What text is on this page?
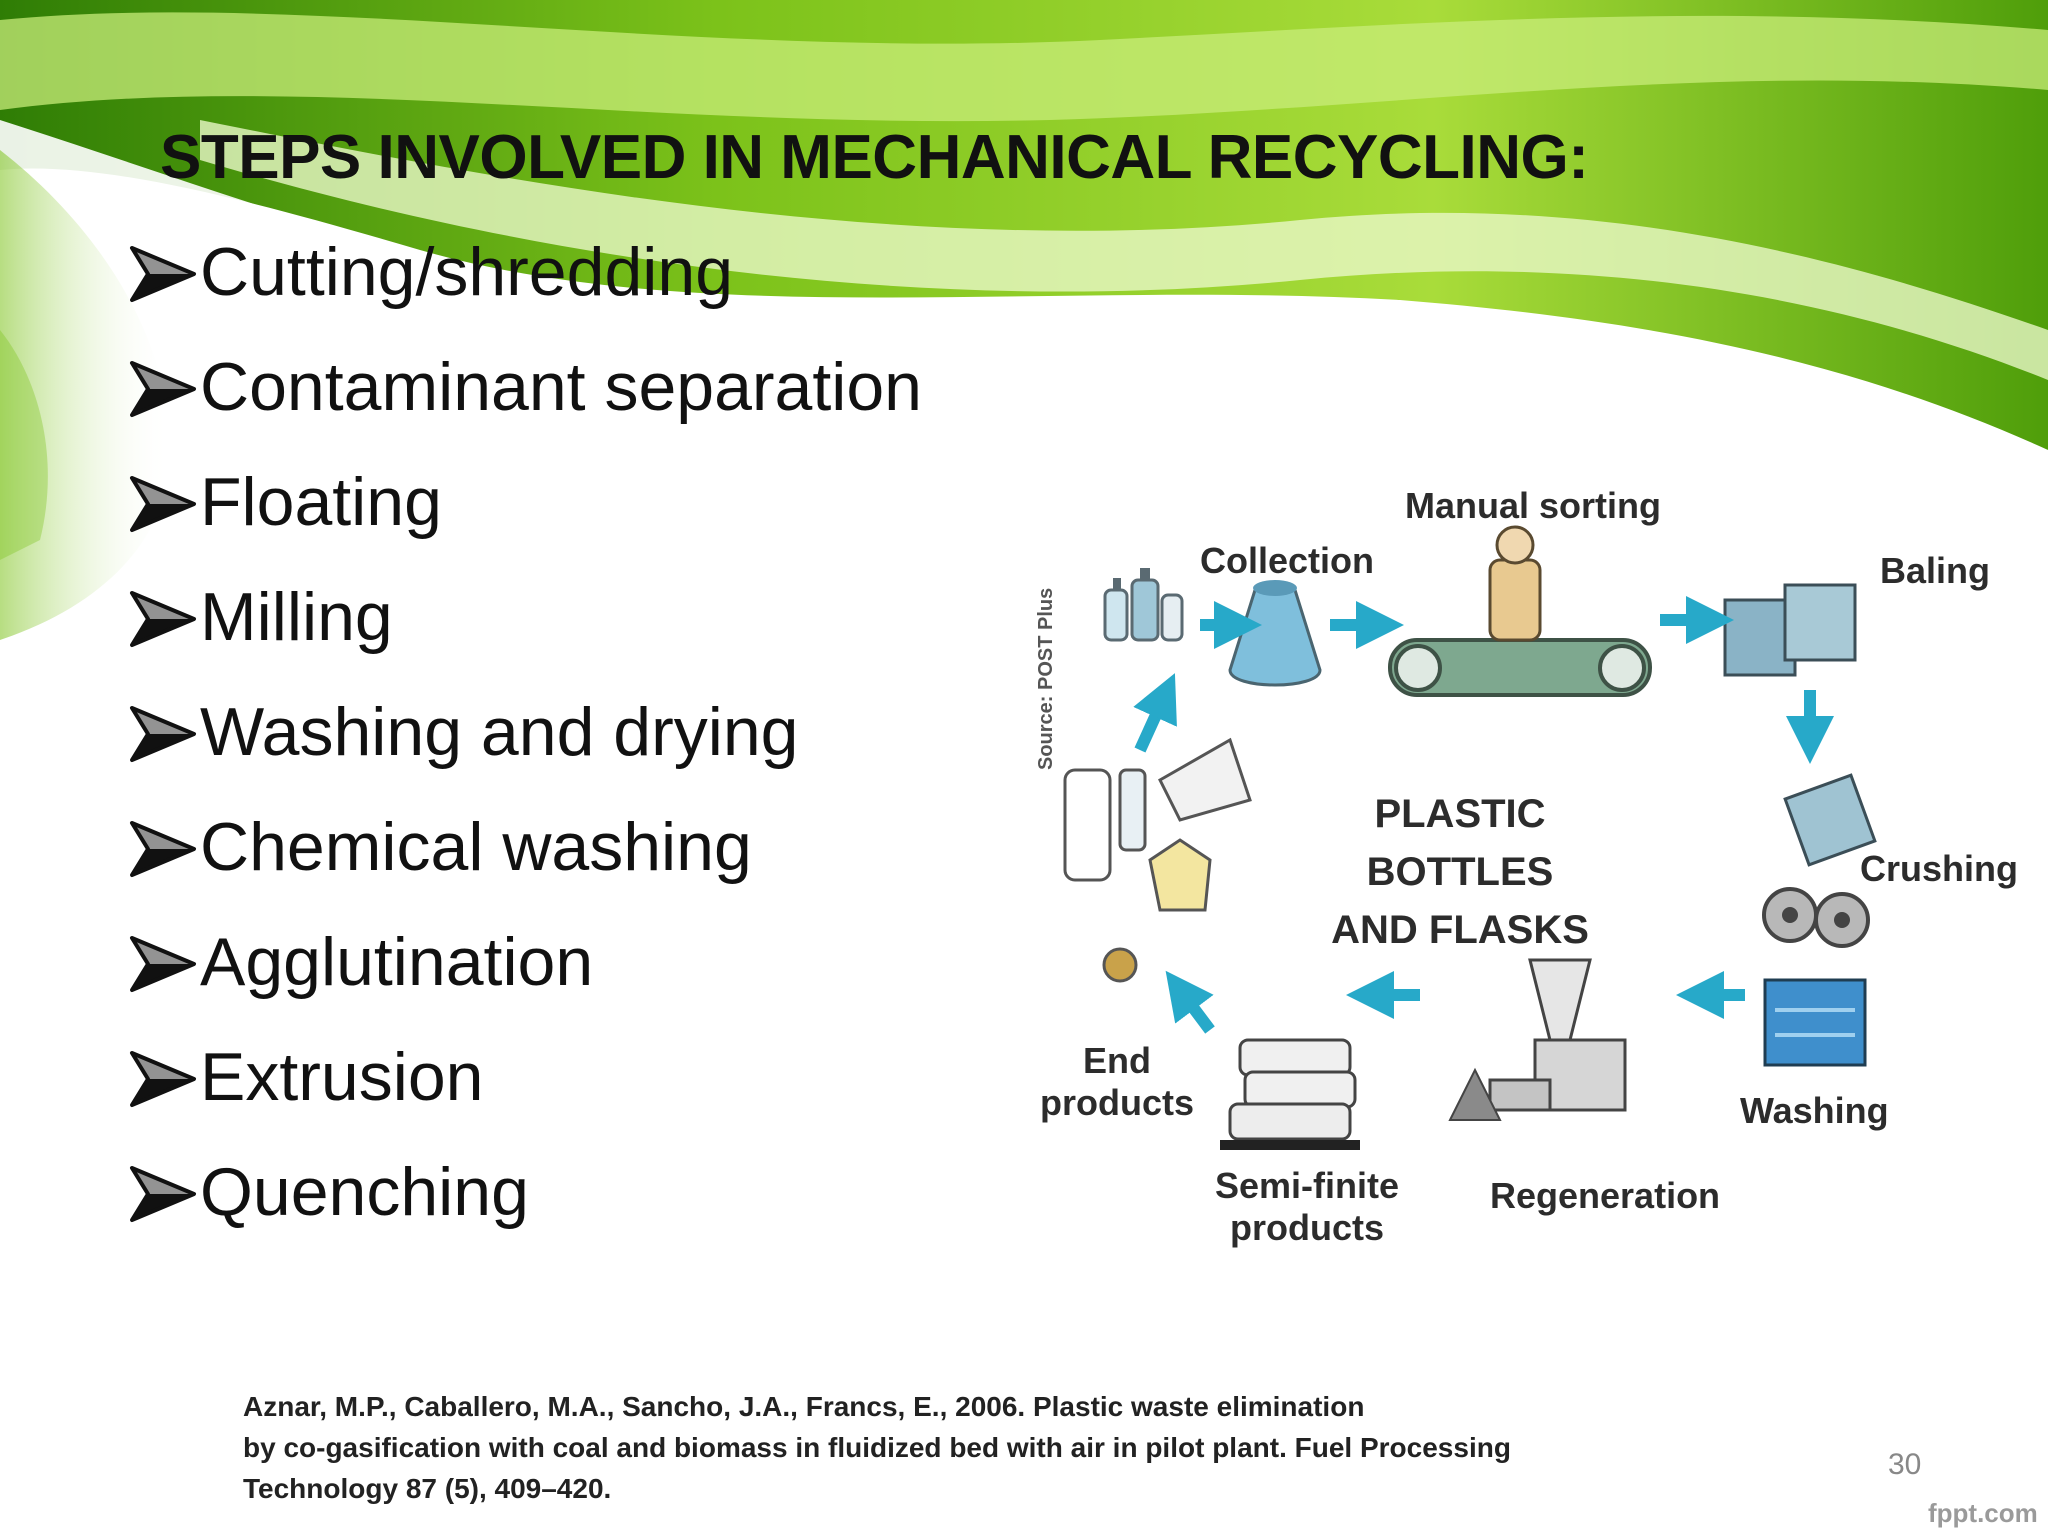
STEPS INVOLVED IN MECHANICAL RECYCLING:
Cutting/shredding
Contaminant separation
Floating
Milling
Washing and drying
Chemical washing
Agglutination
Extrusion
Quenching
Source: POST Plus
Collection
Manual sorting
Baling
Crushing
Washing
Regeneration
Semi-finite
products
End
products
PLASTIC BOTTLES
AND FLASKS
Aznar, M.P., Caballero, M.A., Sancho, J.A., Francs, E., 2006. Plastic waste elimination
by co-gasification with coal and biomass in fluidized bed with air in pilot plant. Fuel Processing
Technology 87 (5), 409–420.
30
fppt.com
